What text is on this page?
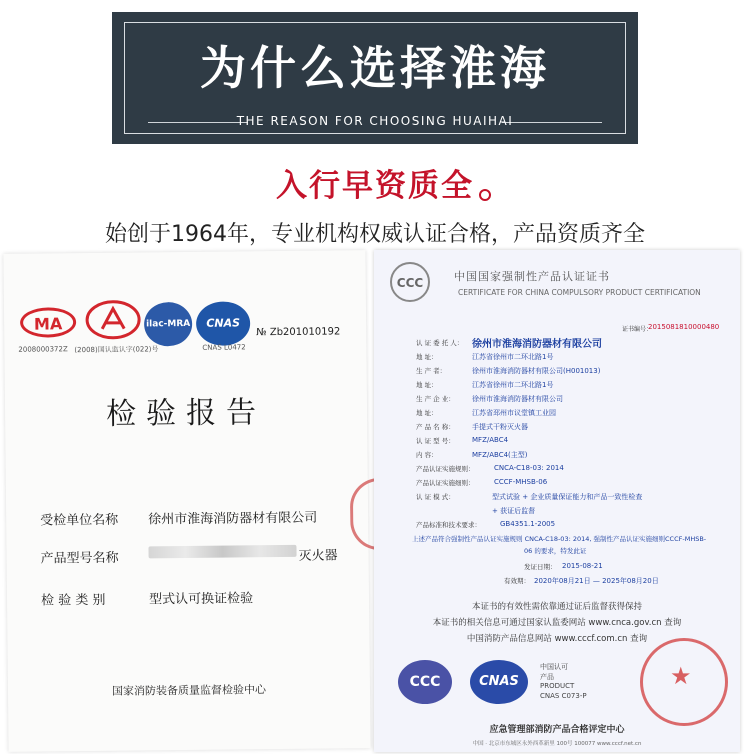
为什么选择淮海
THE REASON FOR CHOOSING HUAIHAI
入行早资质全
始创于1964年，专业机构权威认证合格，产品资质齐全
MA
2008000372Z (2008)国认监认字(022)号
ilac-MRA	CNAS
CNAS L0472
№ Zb201010192
检验报告
受检单位名称 徐州市淮海消防器材有限公司
产品型号名称	灭火器
检 验 类 别	型式认可换证检验
国家消防装备质量监督检验中心
CCC	中国国家强制性产品认证证书
CERTIFICATE FOR CHINA COMPULSORY PRODUCT CERTIFICATION
证书编号：
2015081810000480
认 证 委 托 人： 徐州市淮海消防器材有限公司
地 址：	江苏省徐州市二环北路1号
生 产 者：	徐州市淮海消防器材有限公司(H001013)
地 址：	江苏省徐州市二环北路1号
生 产 企 业： 徐州市淮海消防器材有限公司
地 址：	江苏省邳州市议堂镇工业园
产 品 名 称： 手提式干粉灭火器
认 证 型 号： MFZ/ABC4
内 容：	MFZ/ABC4(主型)
产品认证实施规则：	CNCA-C18-03: 2014
产品认证实施细则：	CCCF-MHSB-06
认 证 模 式：	型式试验 + 企业质量保证能力和产品一致性检查
+ 获证后监督
产品标准和技术要求：	GB4351.1-2005
上述产品符合强制性产品认证实施规则 CNCA-C18-03: 2014, 强制性产品认证实施细则CCCF-MHSB-
06 的要求，特发此证
发证日期： 2015-08-21
有效期： 2020年08月21日 — 2025年08月20日
本证书的有效性需依靠通过证后监督获得保持
本证书的相关信息可通过国家认监委网站 www.cnca.gov.cn 查询
中国消防产品信息网站 www.cccf.com.cn 查询
CCC	CNAS
中国认可
产品
PRODUCT
CNAS C073-P
★
应急管理部消防产品合格评定中心
中国 · 北京市东城区永外西革新里 100号 100077 www.cccf.net.cn
